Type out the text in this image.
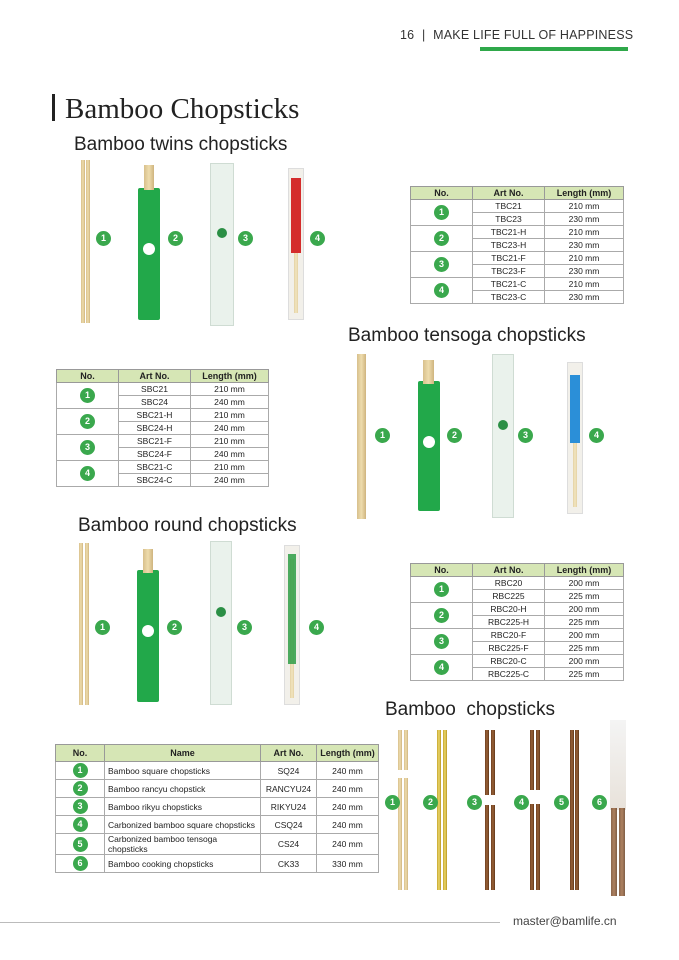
16 | MAKE LIFE FULL OF HAPPINESS
Bamboo Chopsticks
Bamboo twins chopsticks
1	2	3	4
No.	Art No.	Length (mm)
1	TBC21	210 mm
	TBC23	230 mm
2	TBC21-H	210 mm
	TBC23-H	230 mm
3	TBC21-F	210 mm
	TBC23-F	230 mm
4	TBC21-C	210 mm
	TBC23-C	230 mm
Bamboo tensoga chopsticks
No.	Art No.	Length (mm)
1	SBC21	210 mm
	SBC24	240 mm
2	SBC21-H	210 mm
	SBC24-H	240 mm
3	SBC21-F	210 mm
	SBC24-F	240 mm
4	SBC21-C	210 mm
	SBC24-C	240 mm
1	2	3	4
Bamboo round chopsticks
1	2	3	4
No.	Art No.	Length (mm)
1	RBC20	200 mm
	RBC225	225 mm
2	RBC20-H	200 mm
	RBC225-H	225 mm
3	RBC20-F	200 mm
	RBC225-F	225 mm
4	RBC20-C	200 mm
	RBC225-C	225 mm
Bamboo  chopsticks
No.	Name	Art No.	Length (mm)
1	Bamboo square chopsticks	SQ24	240 mm
2	Bamboo rancyu chopstick	RANCYU24	240 mm
3	Bamboo rikyu chopsticks	RIKYU24	240 mm
4	Carbonized bamboo square chopsticks	CSQ24	240 mm
5	Carbonized bamboo tensoga chopsticks	CS24	240 mm
6	Bamboo cooking chopsticks	CK33	330 mm
1	2	3	4	5	6
master@bamlife.cn
